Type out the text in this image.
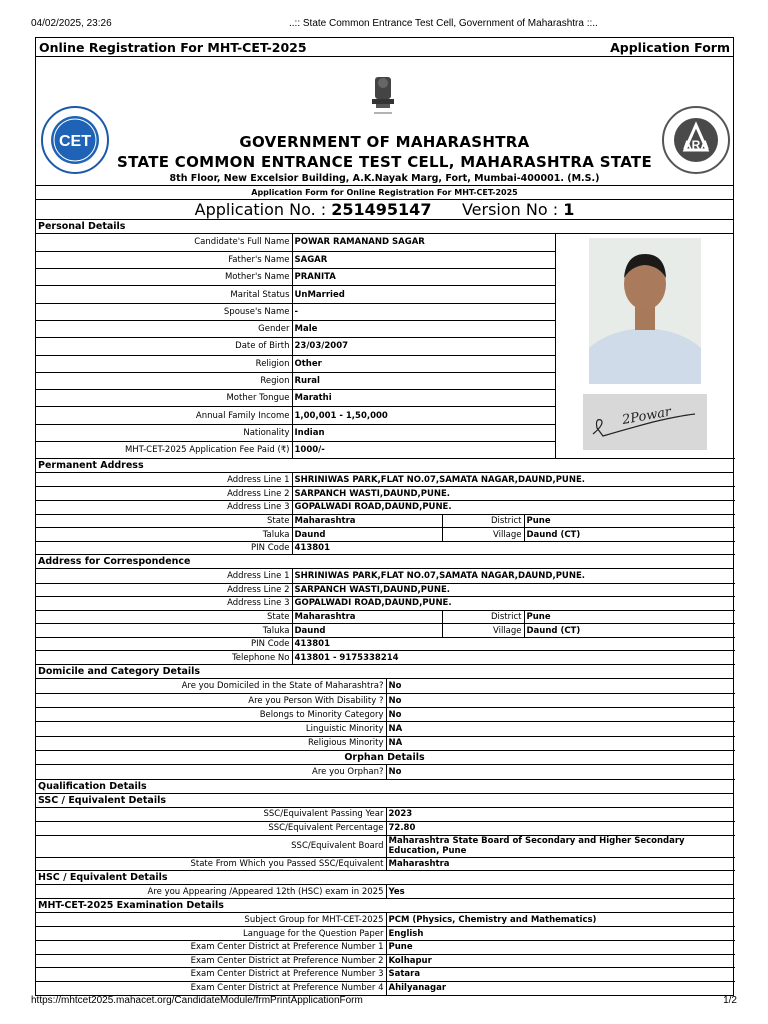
04/02/2025, 23:26	..:: State Common Entrance Test Cell, Government of Maharashtra ::..
Online Registration For MHT-CET-2025	Application Form
CET	ARA
GOVERNMENT OF MAHARASHTRA
STATE COMMON ENTRANCE TEST CELL, MAHARASHTRA STATE
8th Floor, New Excelsior Building, A.K.Nayak Marg, Fort, Mumbai-400001. (M.S.)
Application Form for Online Registration For MHT-CET-2025
Application No. : 251495147 Version No : 1
Personal Details
Candidate's Full Name	POWAR RAMANAND SAGAR	2Powar

Father's Name	SAGAR	
Mother's Name	PRANITA	
Marital Status	UnMarried	
Spouse's Name	-	
Gender	Male	
Date of Birth	23/03/2007	
Religion	Other	
Region	Rural	
Mother Tongue	Marathi	
Annual Family Income	1,00,001 - 1,50,000	
Nationality	Indian	
MHT-CET-2025 Application Fee Paid (₹)	1000/-	
Permanent Address
Address Line 1	SHRINIWAS PARK,FLAT NO.07,SAMATA NAGAR,DAUND,PUNE.		
Address Line 2	SARPANCH WASTI,DAUND,PUNE.		
Address Line 3	GOPALWADI ROAD,DAUND,PUNE.		
State	Maharashtra	District	Pune
Taluka	Daund	Village	Daund (CT)
PIN Code	413801		
Address for Correspondence
Address Line 1	SHRINIWAS PARK,FLAT NO.07,SAMATA NAGAR,DAUND,PUNE.		
Address Line 2	SARPANCH WASTI,DAUND,PUNE.		
Address Line 3	GOPALWADI ROAD,DAUND,PUNE.		
State	Maharashtra	District	Pune
Taluka	Daund	Village	Daund (CT)
PIN Code	413801		
Telephone No	413801 - 9175338214		
Domicile and Category Details
Are you Domiciled in the State of Maharashtra?	No
Are you Person With Disability ?	No
Belongs to Minority Category	No
Linguistic Minority	NA
Religious Minority	NA
Orphan Details
Are you Orphan?	No
Qualification Details
SSC / Equivalent Details
SSC/Equivalent Passing Year	2023
SSC/Equivalent Percentage	72.80
SSC/Equivalent Board	Maharashtra State Board of Secondary and Higher Secondary Education, Pune
State From Which you Passed SSC/Equivalent	Maharashtra
HSC / Equivalent Details
Are you Appearing /Appeared 12th (HSC) exam in 2025	Yes
MHT-CET-2025 Examination Details
Subject Group for MHT-CET-2025	PCM (Physics, Chemistry and Mathematics)
Language for the Question Paper	English
Exam Center District at Preference Number 1	Pune
Exam Center District at Preference Number 2	Kolhapur
Exam Center District at Preference Number 3	Satara
Exam Center District at Preference Number 4	Ahilyanagar
https://mhtcet2025.mahacet.org/CandidateModule/frmPrintApplicationForm	1/2
